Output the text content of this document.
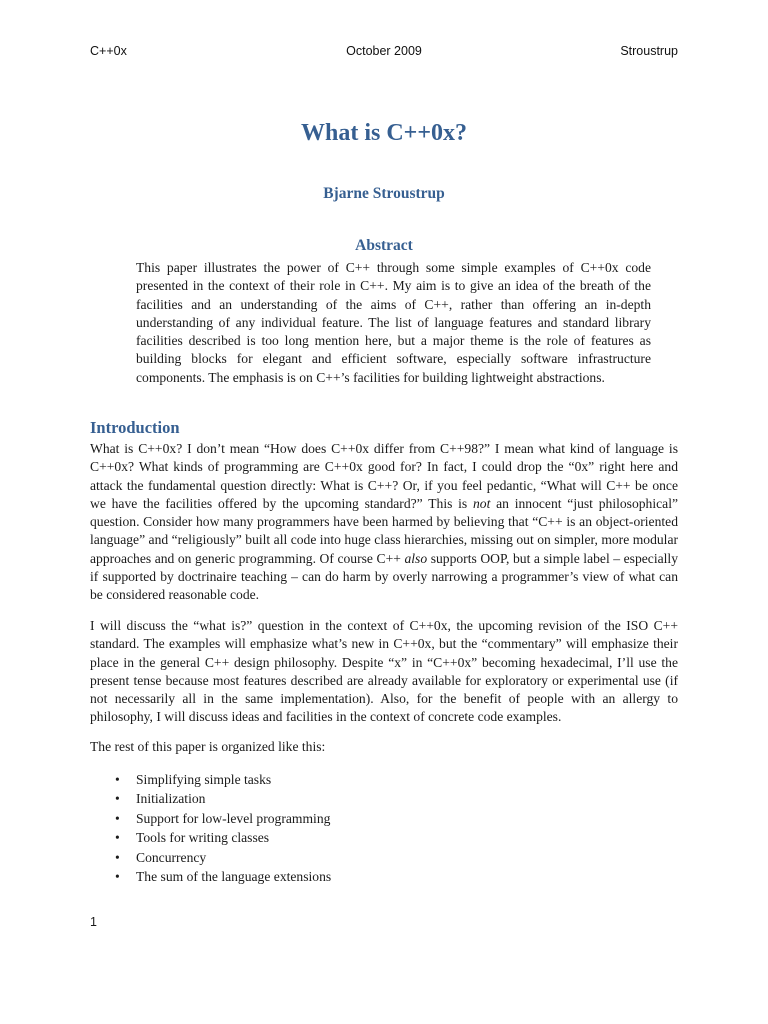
C++0x	October 2009	Stroustrup
What is C++0x?
Bjarne Stroustrup
Abstract
This paper illustrates the power of C++ through some simple examples of C++0x code presented in the context of their role in C++. My aim is to give an idea of the breath of the facilities and an understanding of the aims of C++, rather than offering an in-depth understanding of any individual feature. The list of language features and standard library facilities described is too long mention here, but a major theme is the role of features as building blocks for elegant and efficient software, especially software infrastructure components. The emphasis is on C++’s facilities for building lightweight abstractions.
Introduction
What is C++0x? I don’t mean “How does C++0x differ from C++98?” I mean what kind of language is C++0x? What kinds of programming are C++0x good for? In fact, I could drop the “0x” right here and attack the fundamental question directly: What is C++? Or, if you feel pedantic, “What will C++ be once we have the facilities offered by the upcoming standard?” This is not an innocent “just philosophical” question. Consider how many programmers have been harmed by believing that “C++ is an object-oriented language” and “religiously” built all code into huge class hierarchies, missing out on simpler, more modular approaches and on generic programming. Of course C++ also supports OOP, but a simple label – especially if supported by doctrinaire teaching – can do harm by overly narrowing a programmer’s view of what can be considered reasonable code.
I will discuss the “what is?” question in the context of C++0x, the upcoming revision of the ISO C++ standard. The examples will emphasize what’s new in C++0x, but the “commentary” will emphasize their place in the general C++ design philosophy. Despite “x” in “C++0x” becoming hexadecimal, I’ll use the present tense because most features described are already available for exploratory or experimental use (if not necessarily all in the same implementation). Also, for the benefit of people with an allergy to philosophy, I will discuss ideas and facilities in the context of concrete code examples.
The rest of this paper is organized like this:
• Simplifying simple tasks
• Initialization
• Support for low-level programming
• Tools for writing classes
• Concurrency
• The sum of the language extensions
1
